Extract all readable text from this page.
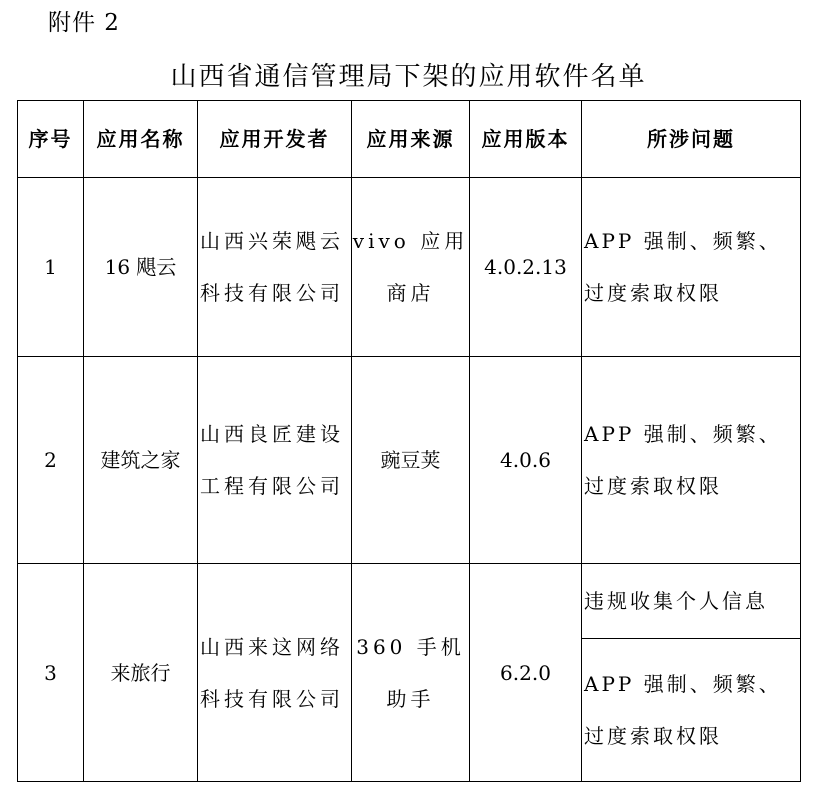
附件 2
山西省通信管理局下架的应用软件名单
序号	应用名称	应用开发者	应用来源	应用版本	所涉问题
1	16 飓云	山西兴荣飓云科技有限公司	vivo 应用商店	4.0.2.13	APP 强制、频繁、过度索取权限
2	建筑之家	山西良匠建设工程有限公司	豌豆荚	4.0.6	APP 强制、频繁、过度索取权限
3	来旅行	山西来这网络科技有限公司	360 手机助手	6.2.0	违规收集个人信息
					APP 强制、频繁、过度索取权限
